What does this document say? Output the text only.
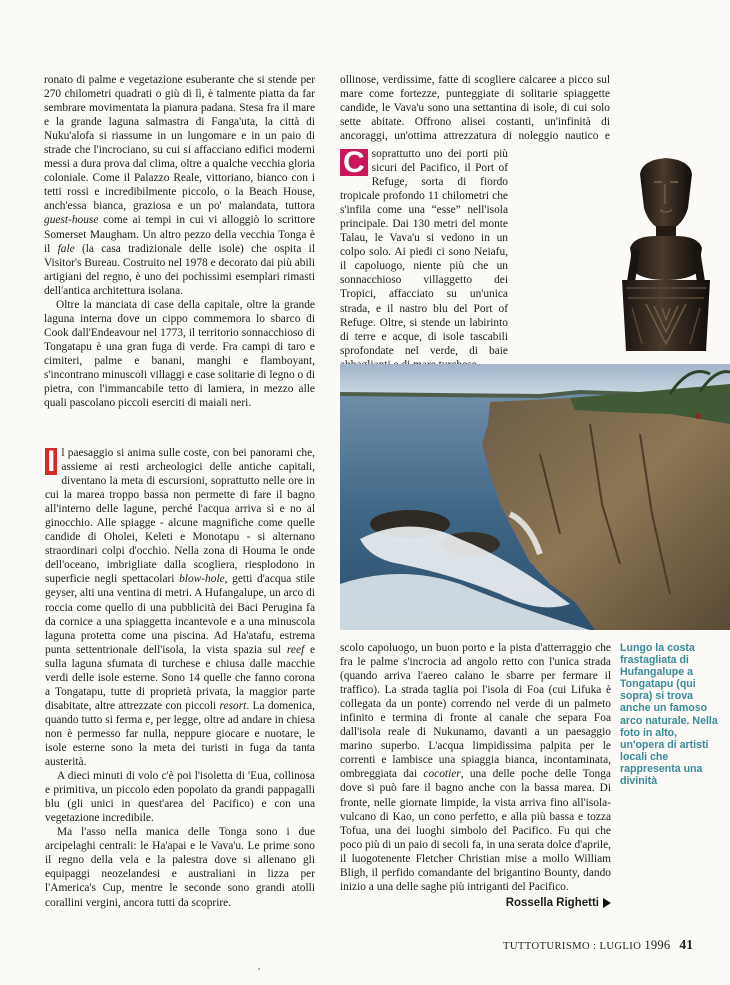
ronato di palme e vegetazione esuberante che si stende per 270 chilometri quadrati o giù di lì, è talmente piatta da far sembrare movimentata la pianura padana. Stesa fra il mare e la grande laguna salmastra di Fanga'uta, la città di Nuku'alofa si riassume in un lungomare e in un paio di strade che l'incrociano, su cui si affacciano edifici moderni messi a dura prova dal clima, oltre a qualche vecchia gloria coloniale. Come il Palazzo Reale, vittoriano, bianco con i tetti rossi e incredibilmente piccolo, o la Beach House, anch'essa bianca, graziosa e un po' malandata, tuttora guest-house come ai tempi in cui vi alloggiò lo scrittore Somerset Maugham. Un altro pezzo della vecchia Tonga è il fale (la casa tradizionale delle isole) che ospita il Visitor's Bureau. Costruito nel 1978 e decorato dai più abili artigiani del regno, è uno dei pochissimi esemplari rimasti dell'antica architettura isolana.

Oltre la manciata di case della capitale, oltre la grande laguna interna dove un cippo commemora lo sbarco di Cook dall'Endeavour nel 1773, il territorio sonnacchioso di Tongatapu è una gran fuga di verde. Fra campi di taro e cimiteri, palme e banani, manghi e flamboyant, s'incontrano minuscoli villaggi e case solitarie di legno o di pietra, con l'immancabile tetto di lamiera, in mezzo alle quali pascolano piccoli eserciti di maiali neri.

I l paesaggio si anima sulle coste, con bei panorami che, assieme ai resti archeologici delle antiche capitali, diventano la meta di escursioni, soprattutto nelle ore in cui la marea troppo bassa non permette di fare il bagno all'interno delle lagune, perché l'acqua arriva sì e no al ginocchio. Alle spiagge - alcune magnifiche come quelle candide di Oholei, Keleti e Monotapu - si alternano straordinari colpi d'occhio. Nella zona di Houma le onde dell'oceano, imbrigliate dalla scogliera, riesplodono in superficie negli spettacolari blow-hole, getti d'acqua stile geyser, alti una ventina di metri. A Hufangalupe, un arco di roccia come quello di una pubblicità dei Baci Perugina fa da cornice a una spiaggetta incantevole e a una minuscola laguna protetta come una piscina. Ad Ha'atafu, estrema punta settentrionale dell'isola, la vista spazia sul reef e sulla laguna sfumata di turchese e chiusa dalle macchie verdi delle isole esterne. Sono 14 quelle che fanno corona a Tongatapu, tutte di proprietà privata, la maggior parte disabitate, altre attrezzate con piccoli resort. La domenica, quando tutto si ferma e, per legge, oltre ad andare in chiesa non è permesso far nulla, neppure giocare e nuotare, le isole esterne sono la meta dei turisti in fuga da tanta austerità.

A dieci minuti di volo c'è poi l'isoletta di 'Eua, collinosa e primitiva, un piccolo eden popolato da grandi pappagalli blu (gli unici in quest'area del Pacifico) e con una vegetazione incredibile.

Ma l'asso nella manica delle Tonga sono i due arcipelaghi centrali: le Ha'apai e le Vava'u. Le prime sono il regno della vela e la palestra dove si allenano gli equipaggi neozelandesi e australiani in lizza per l'America's Cup, mentre le seconde sono grandi atolli corallini vergini, ancora tutti da scoprire.

C
ollinose, verdissime, fatte di scogliere calcaree a picco sul mare come fortezze, punteggiate di solitarie spiaggette candide, le Vava'u sono una settantina di isole, di cui solo sette abitate. Offrono alisei costanti, un'infinità di ancoraggi, un'ottima attrezzatura di noleggio nautico e soprattutto uno dei porti più sicuri del Pacifico, il Port of Refuge, sorta di fiordo tropicale profondo 11 chilometri che s'infila come una “esse” nell'isola principale. Dai 130 metri del monte Talau, le Vava'u si vedono in un colpo solo. Ai piedi ci sono Neiafu, il capoluogo, niente più che un sonnacchioso villaggetto dei Tropici, affacciato su un'unica strada, e il nastro blu del Port of Refuge. Oltre, si stende un labirinto di terre e acque, di isole tascabili sprofondate nel verde, di baie

scolo capoluogo, un buon porto e la pista d'atterraggio che fra le palme s'incrocia ad angolo retto con l'unica strada (quando arriva l'aereo calano le sbarre per fermare il traffico). La strada taglia poi l'isola di Foa (cui Lifuka è collegata da un ponte) correndo nel verde di un palmeto infinito e termina di fronte al canale che separa Foa dall'isola reale di Nukunamo, davanti a un paesaggio marino superbo. L'acqua limpidissima palpita per le correnti e lambisce una spiaggia bianca, incontaminata, ombreggiata dai cocotier, una delle poche delle Tonga dove si può fare il bagno anche con la bassa marea. Di fronte, nelle giornate limpide, la vista arriva fino all'isola-vulcano di Kao, un cono perfetto, e alla più bassa e tozza Tofua, una dei luoghi simbolo del Pacifico. Fu qui che poco più di un paio di secoli fa, in una serata dolce d'aprile, il luogotenente Fletcher Christian mise a mollo William Bligh, il perfido comandante del brigantino Bounty, dando inizio a una delle saghe più intriganti del Pacifico.

Rossella Righetti

Lungo la costa frastagliata di Hufangalupe a Tongatapu (qui sopra) si trova anche un famoso arco naturale. Nella foto in alto, un'opera di artisti locali che rappresenta una divinità
TUTTOTURISMO : LUGLIO 1996 41
